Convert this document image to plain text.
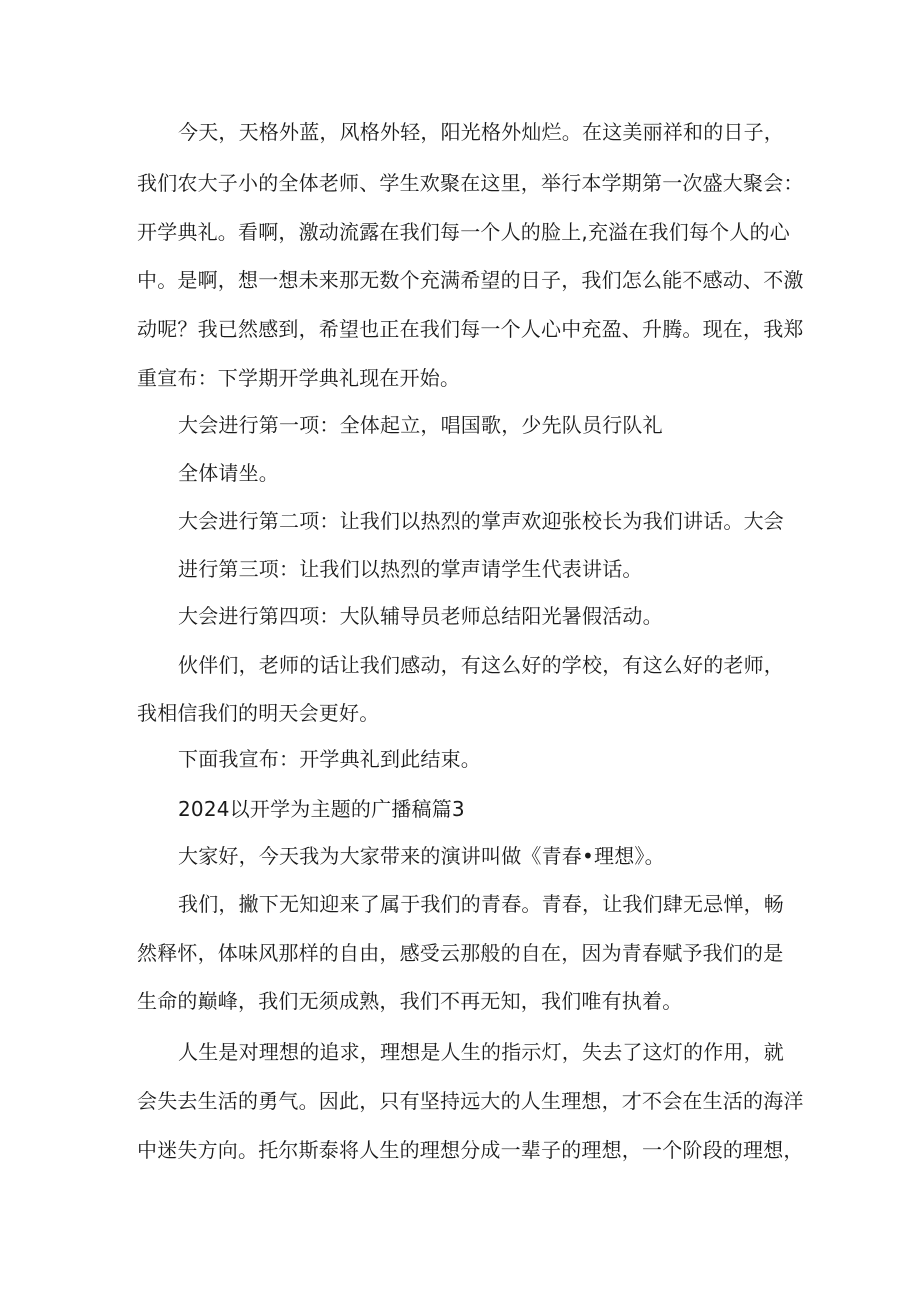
今天，天格外蓝，风格外轻，阳光格外灿烂。在这美丽祥和的日子，

我们农大子小的全体老师、学生欢聚在这里，举行本学期第一次盛大聚会：

开学典礼。看啊，激动流露在我们每一个人的脸上,充溢在我们每个人的心

中。是啊，想一想未来那无数个充满希望的日子，我们怎么能不感动、不激

动呢？我已然感到，希望也正在我们每一个人心中充盈、升腾。现在，我郑

重宣布：下学期开学典礼现在开始。

大会进行第一项：全体起立，唱国歌，少先队员行队礼

全体请坐。

大会进行第二项：让我们以热烈的掌声欢迎张校长为我们讲话。大会

进行第三项：让我们以热烈的掌声请学生代表讲话。

大会进行第四项：大队辅导员老师总结阳光暑假活动。

伙伴们，老师的话让我们感动，有这么好的学校，有这么好的老师，

我相信我们的明天会更好。

下面我宣布：开学典礼到此结束。

2024以开学为主题的广播稿篇3

大家好，今天我为大家带来的演讲叫做《青春•理想》。

我们，撇下无知迎来了属于我们的青春。青春，让我们肆无忌惮，畅

然释怀，体味风那样的自由，感受云那般的自在，因为青春赋予我们的是

生命的巅峰，我们无须成熟，我们不再无知，我们唯有执着。

人生是对理想的追求，理想是人生的指示灯，失去了这灯的作用，就

会失去生活的勇气。因此，只有坚持远大的人生理想，才不会在生活的海洋

中迷失方向。托尔斯泰将人生的理想分成一辈子的理想，一个阶段的理想，
